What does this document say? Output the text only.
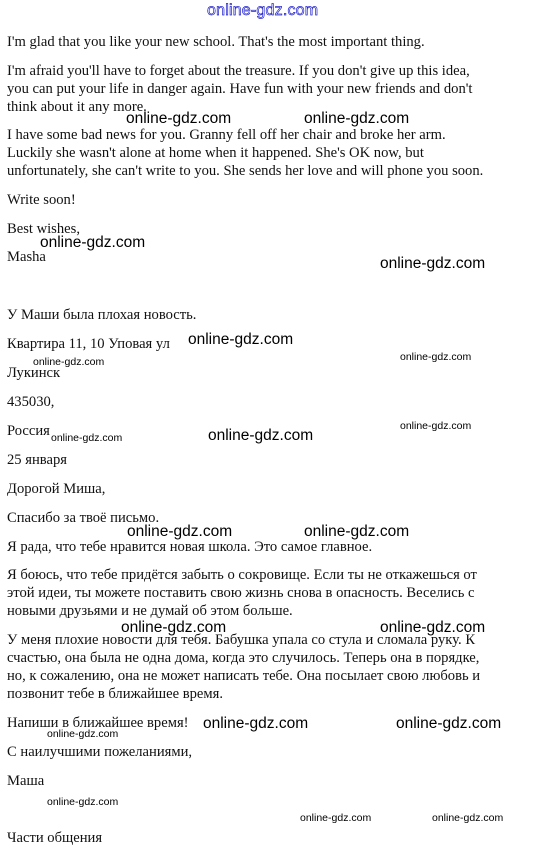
online-gdz.com
I'm glad that you like your new school. That's the most important thing.
I'm afraid you'll have to forget about the treasure. If you don't give up this idea,
you can put your life in danger again. Have fun with your new friends and don't
think about it any more.
I have some bad news for you. Granny fell off her chair and broke her arm.
Luckily she wasn't alone at home when it happened. She's OK now, but
unfortunately, she can't write to you. She sends her love and will phone you soon.
Write soon!
Best wishes,
Masha
У Маши была плохая новость.
Квартира 11, 10 Уповая ул
Лукинск
435030,
Россия
25 января
Дорогой Миша,
Спасибо за твоё письмо.
Я рада, что тебе нравится новая школа. Это самое главное.
Я боюсь, что тебе придётся забыть о сокровище. Если ты не откажешься от
этой идеи, ты можете поставить свою жизнь снова в опасность. Веселись с
новыми друзьями и не думай об этом больше.
У меня плохие новости для тебя. Бабушка упала со стула и сломала руку. К
счастью, она была не одна дома, когда это случилось. Теперь она в порядке,
но, к сожалению, она не может написать тебе. Она посылает свою любовь и
позвонит тебе в ближайшее время.
Напиши в ближайшее время!
С наилучшими пожеланиями,
Маша
Части общения
online-gdz.com	online-gdz.com
online-gdz.com
online-gdz.com
online-gdz.com
online-gdz.com	online-gdz.com
online-gdz.com
online-gdz.com	online-gdz.com
online-gdz.com	online-gdz.com
online-gdz.com	online-gdz.com
online-gdz.com	online-gdz.com
online-gdz.com
online-gdz.com
online-gdz.com	online-gdz.com
